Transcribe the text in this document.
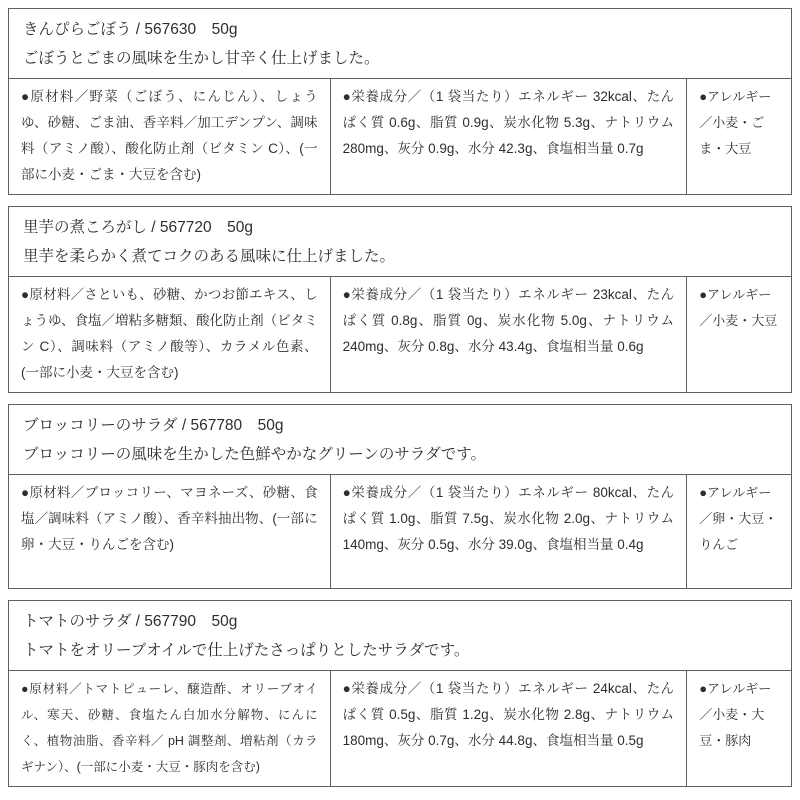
きんぴらごぼう / 567630　50g
ごぼうとごまの風味を生かし甘辛く仕上げました。
●原材料／野菜（ごぼう、にんじん）、しょうゆ、砂糖、ごま油、香辛料／加工デンプン、調味料（アミノ酸）、酸化防止剤（ビタミン C）、(一部に小麦・ごま・大豆を含む)
●栄養成分／（1 袋当たり）エネルギー 32kcal、たんぱく質 0.6g、脂質 0.9g、炭水化物 5.3g、ナトリウム 280mg、灰分 0.9g、水分 42.3g、食塩相当量 0.7g
●アレルギー／小麦・ごま・大豆
里芋の煮ころがし / 567720　50g
里芋を柔らかく煮てコクのある風味に仕上げました。
●原材料／さといも、砂糖、かつお節エキス、しょうゆ、食塩／増粘多糖類、酸化防止剤（ビタミン C）、調味料（アミノ酸等）、カラメル色素、(一部に小麦・大豆を含む)
●栄養成分／（1 袋当たり）エネルギー 23kcal、たんぱく質 0.8g、脂質 0g、炭水化物 5.0g、ナトリウム 240mg、灰分 0.8g、水分 43.4g、食塩相当量 0.6g
●アレルギー／小麦・大豆
ブロッコリーのサラダ / 567780　50g
ブロッコリーの風味を生かした色鮮やかなグリーンのサラダです。
●原材料／ブロッコリー、マヨネーズ、砂糖、食塩／調味料（アミノ酸）、香辛料抽出物、(一部に卵・大豆・りんごを含む)
●栄養成分／（1 袋当たり）エネルギー 80kcal、たんぱく質 1.0g、脂質 7.5g、炭水化物 2.0g、ナトリウム 140mg、灰分 0.5g、水分 39.0g、食塩相当量 0.4g
●アレルギー／卵・大豆・りんご
トマトのサラダ / 567790　50g
トマトをオリーブオイルで仕上げたさっぱりとしたサラダです。
●原材料／トマトピューレ、醸造酢、オリーブオイル、寒天、砂糖、食塩たん白加水分解物、にんにく、植物油脂、香辛料／ pH 調整剤、増粘剤（カラギナン）、(一部に小麦・大豆・豚肉を含む)
●栄養成分／（1 袋当たり）エネルギー 24kcal、たんぱく質 0.5g、脂質 1.2g、炭水化物 2.8g、ナトリウム 180mg、灰分 0.7g、水分 44.8g、食塩相当量 0.5g
●アレルギー／小麦・大豆・豚肉
